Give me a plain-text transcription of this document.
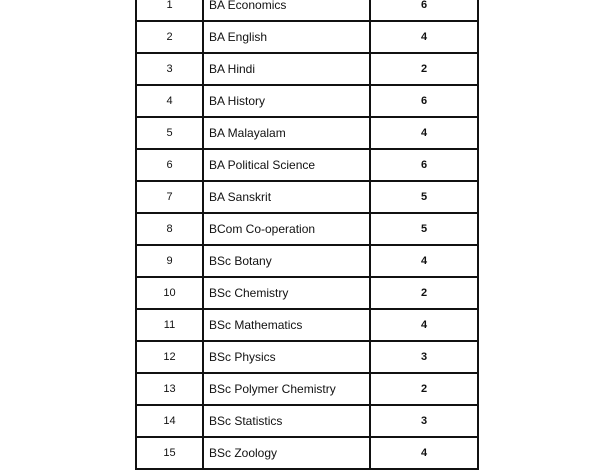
1	BA Economics	6
2	BA English	4
3	BA Hindi	2
4	BA History	6
5	BA Malayalam	4
6	BA Political Science	6
7	BA Sanskrit	5
8	BCom Co-operation	5
9	BSc Botany	4
10	BSc Chemistry	2
11	BSc Mathematics	4
12	BSc Physics	3
13	BSc Polymer Chemistry	2
14	BSc Statistics	3
15	BSc Zoology	4
